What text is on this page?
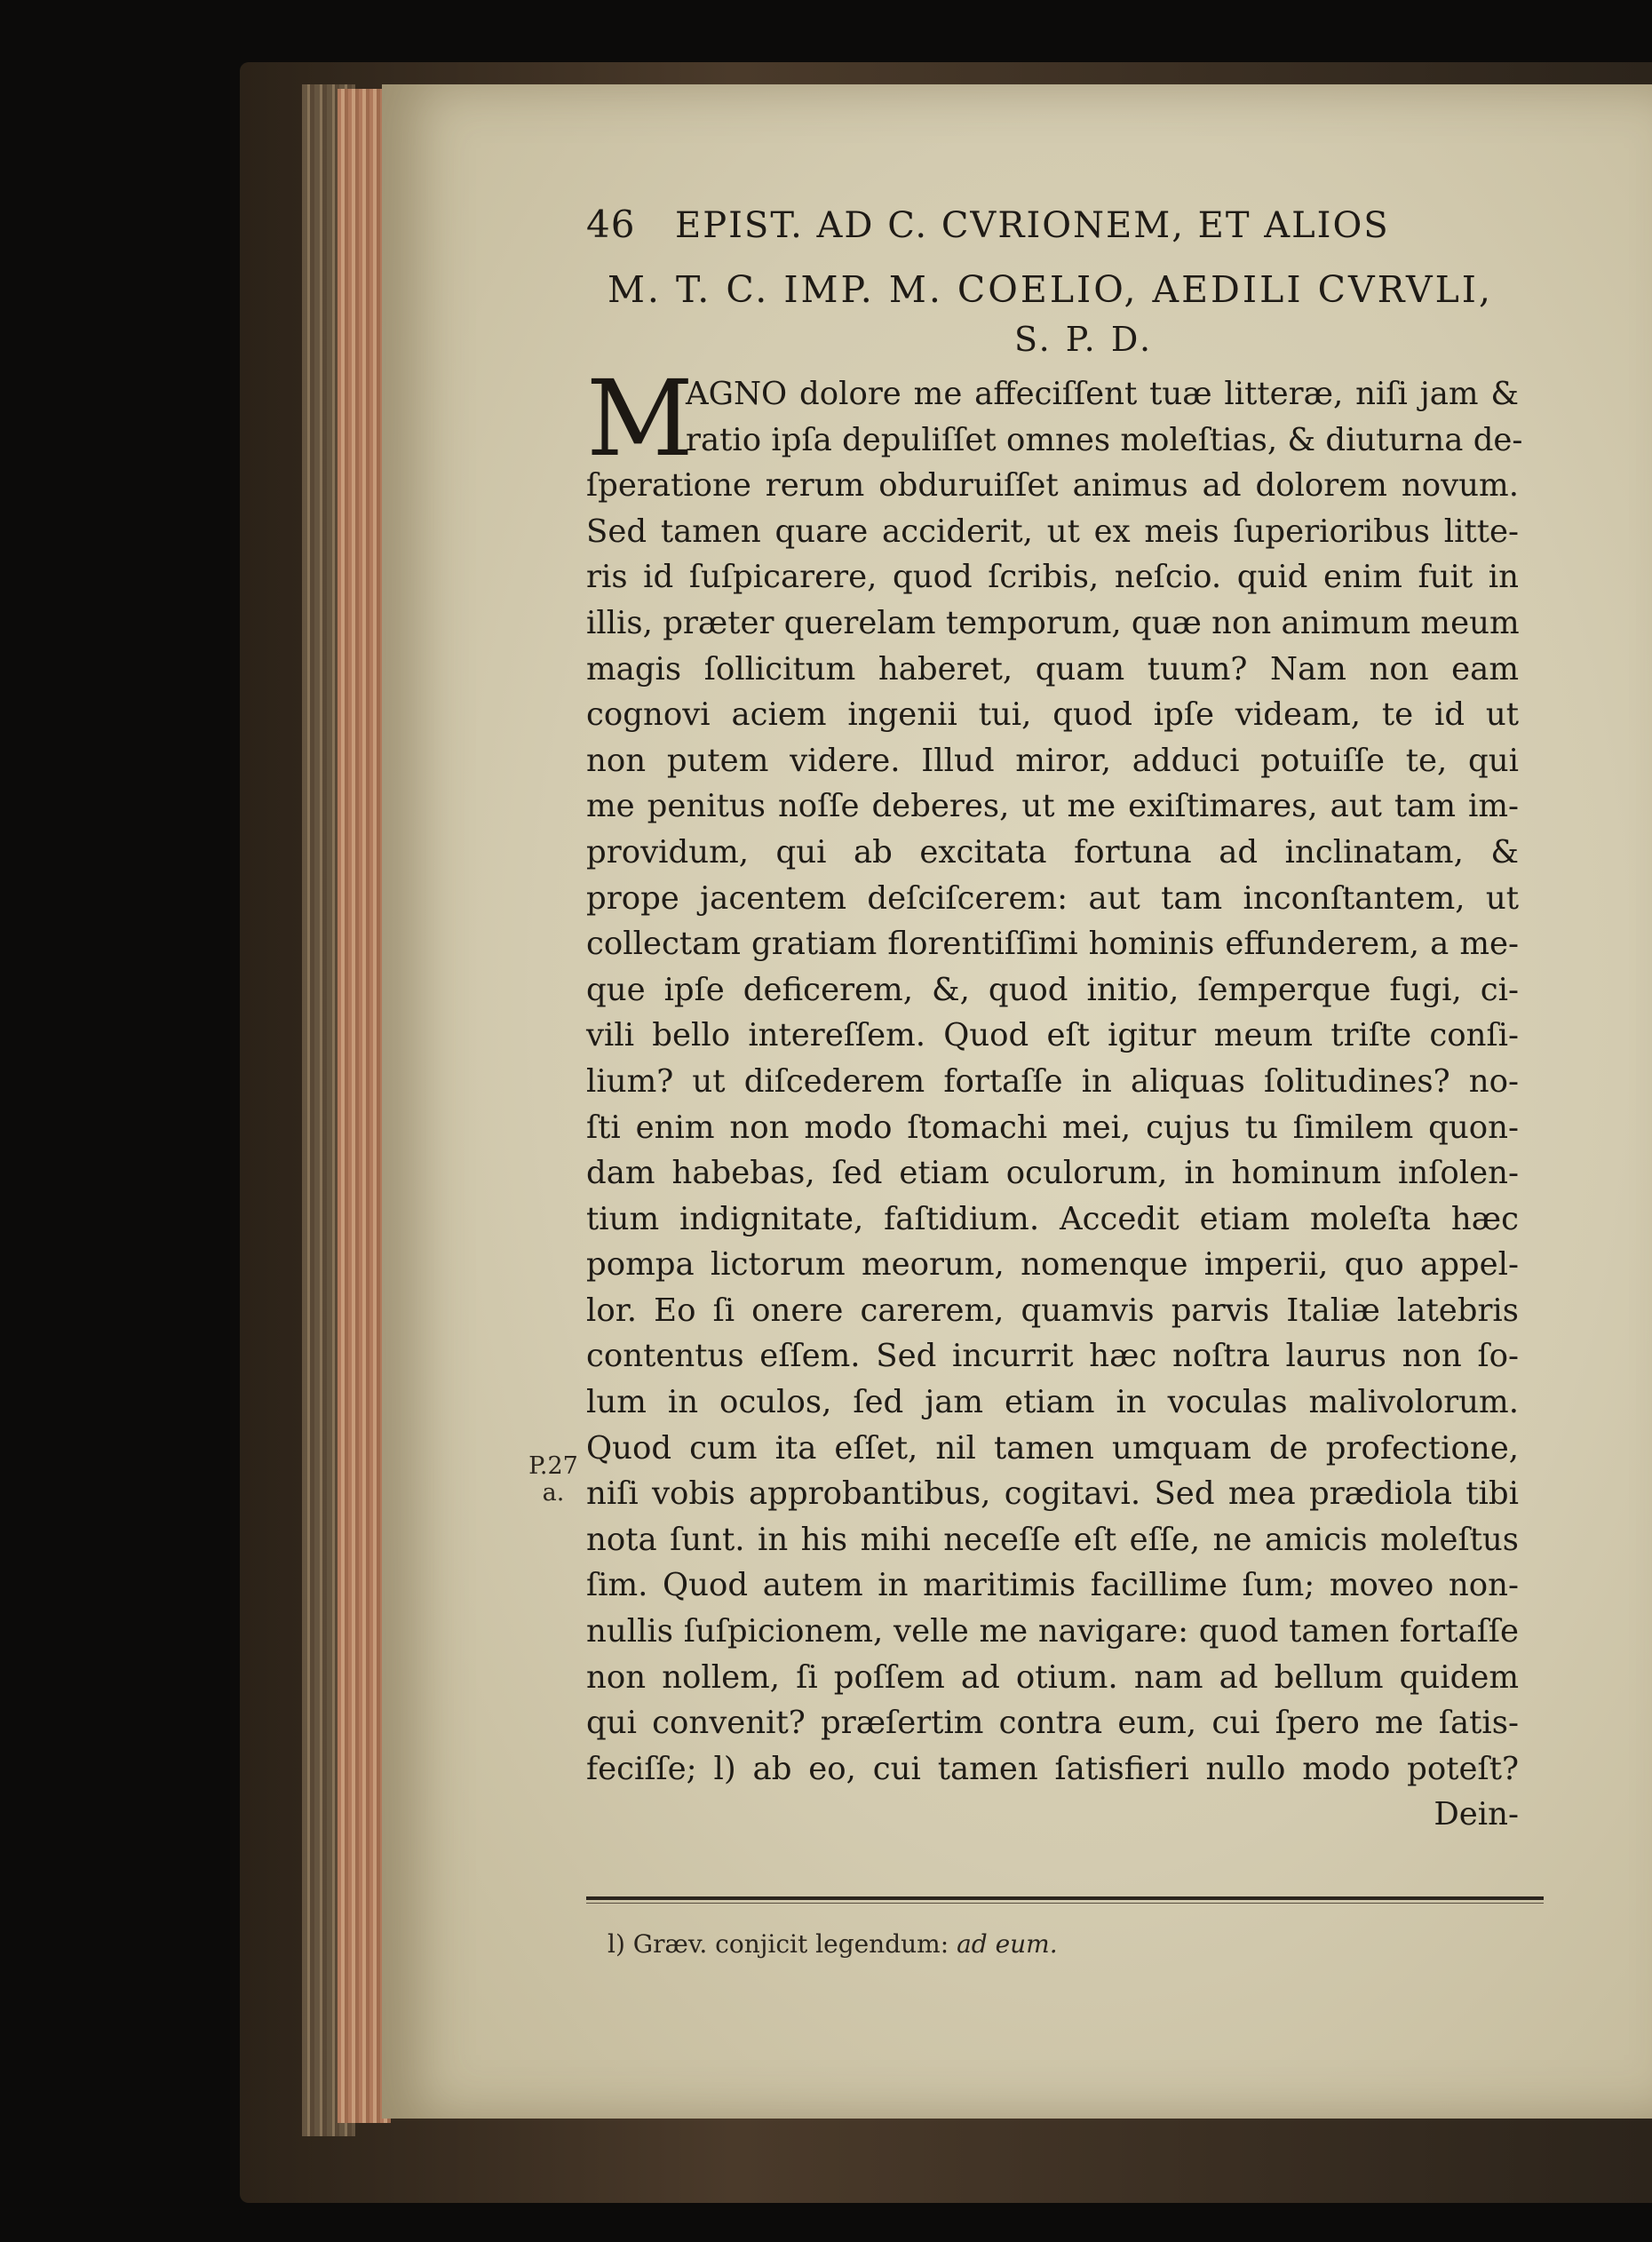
46	EPIST. AD C. CVRIONEM, ET ALIOS
M. T. C. IMP. M. COELIO, AEDILI CVRVLI,
S. P. D.
M
AGNO dolore me affeciſſent tuæ litteræ, niſi jam &
ratio ipſa depuliſſet omnes moleſtias, & diuturna de-
ſperatione rerum obduruiſſet animus ad dolorem novum.
Sed tamen quare acciderit, ut ex meis ſuperioribus litte-
ris id ſuſpicarere, quod ſcribis, neſcio. quid enim fuit in
illis, præter querelam temporum, quæ non animum meum
magis ſollicitum haberet, quam tuum? Nam non eam
cognovi aciem ingenii tui, quod ipſe videam, te id ut
non putem videre. Illud miror, adduci potuiſſe te, qui
me penitus noſſe deberes, ut me exiſtimares, aut tam im-
providum, qui ab excitata fortuna ad inclinatam, &
prope jacentem deſciſcerem: aut tam inconſtantem, ut
collectam gratiam florentiſſimi hominis effunderem, a me-
que ipſe deficerem, &, quod initio, ſemperque fugi, ci-
vili bello intereſſem. Quod eſt igitur meum triſte conſi-
lium? ut diſcederem fortaſſe in aliquas ſolitudines? no-
ſti enim non modo ſtomachi mei, cujus tu ſimilem quon-
dam habebas, ſed etiam oculorum, in hominum inſolen-
tium indignitate, faſtidium. Accedit etiam moleſta hæc
pompa lictorum meorum, nomenque imperii, quo appel-
lor. Eo ſi onere carerem, quamvis parvis Italiæ latebris
contentus eſſem. Sed incurrit hæc noſtra laurus non ſo-
lum in oculos, ſed jam etiam in voculas malivolorum.
Quod cum ita eſſet, nil tamen umquam de profectione,
niſi vobis approbantibus, cogitavi. Sed mea prædiola tibi
nota ſunt. in his mihi neceſſe eſt eſſe, ne amicis moleſtus
ſim. Quod autem in maritimis facillime ſum; moveo non-
nullis ſuſpicionem, velle me navigare: quod tamen fortaſſe
non nollem, ſi poſſem ad otium. nam ad bellum quidem
qui convenit? præſertim contra eum, cui ſpero me ſatis-
feciſſe; l) ab eo, cui tamen ſatisfieri nullo modo poteſt?
Dein-
P.27
a.
l) Græv. conjicit legendum: ad eum.
